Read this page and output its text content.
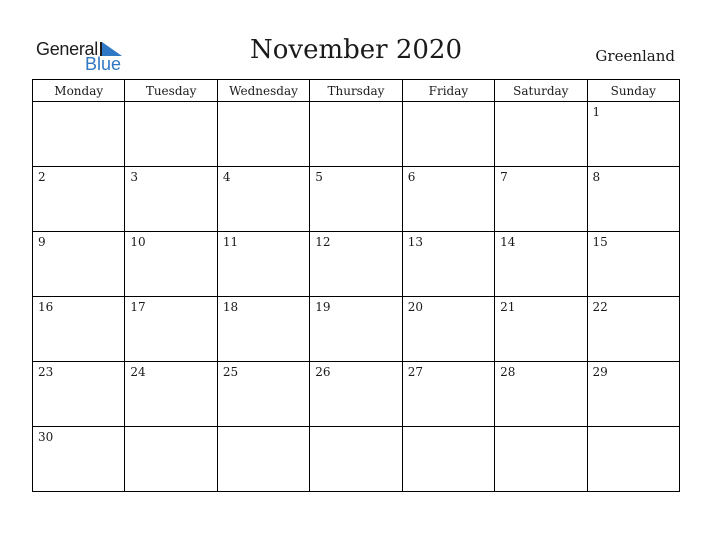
General
Blue	November 2020	Greenland
Monday	Tuesday	Wednesday	Thursday	Friday	Saturday	Sunday

						1

2	3	4	5	6	7	8

9	10	11	12	13	14	15

16	17	18	19	20	21	22

23	24	25	26	27	28	29

30						
